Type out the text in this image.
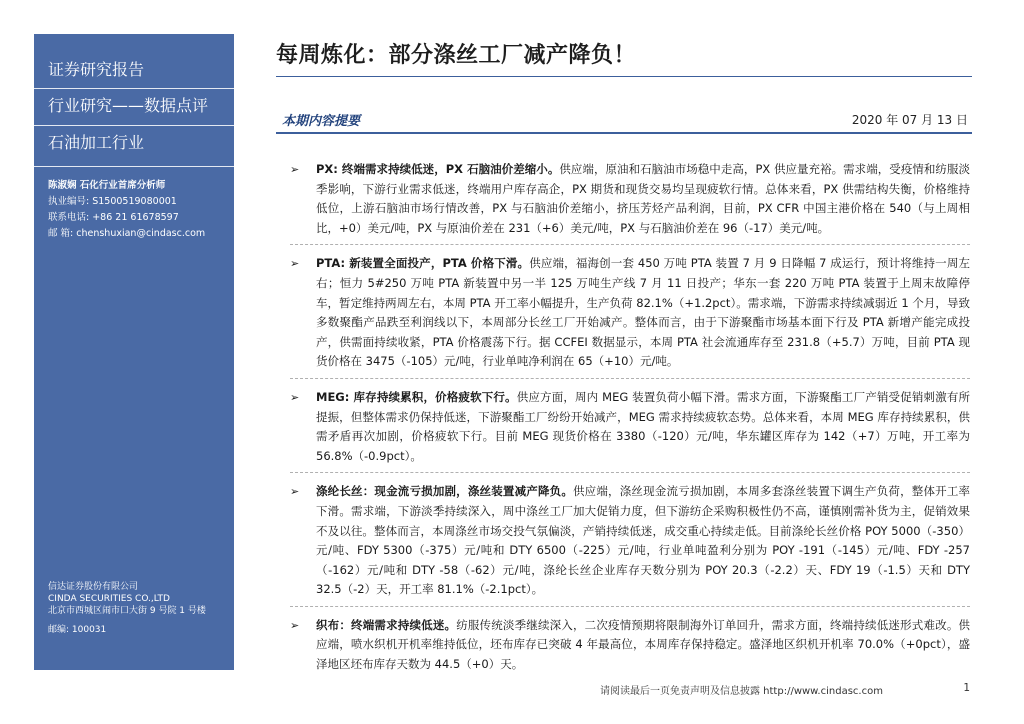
证券研究报告
行业研究——数据点评
石油加工行业
陈淑娴 石化行业首席分析师
执业编号: S1500519080001
联系电话: +86 21 61678597
邮 箱: chenshuxian@cindasc.com
信达证券股份有限公司
CINDA SECURITIES CO.,LTD
北京市西城区闹市口大街 9 号院 1 号楼
邮编: 100031
每周炼化：部分涤丝工厂减产降负！
本期内容提要	2020 年 07 月 13 日
➢ PX: 终端需求持续低迷，PX 石脑油价差缩小。供应端，原油和石脑油市场稳中走高，PX 供应量充裕。需求端，受疫情和纺服淡季影响，下游行业需求低迷，终端用户库存高企，PX 期货和现货交易均呈现疲软行情。总体来看，PX 供需结构失衡，价格维持低位，上游石脑油市场行情改善，PX 与石脑油价差缩小，挤压芳烃产品利润，目前，PX CFR 中国主港价格在 540（与上周相比，+0）美元/吨，PX 与原油价差在 231（+6）美元/吨，PX 与石脑油价差在 96（-17）美元/吨。
➢ PTA: 新装置全面投产，PTA 价格下滑。供应端，福海创一套 450 万吨 PTA 装置 7 月 9 日降幅 7 成运行，预计将维持一周左右；恒力 5#250 万吨 PTA 新装置中另一半 125 万吨生产线 7 月 11 日投产；华东一套 220 万吨 PTA 装置于上周末故障停车，暂定维持两周左右，本周 PTA 开工率小幅提升，生产负荷 82.1%（+1.2pct）。需求端，下游需求持续减弱近 1 个月，导致多数聚酯产品跌至利润线以下，本周部分长丝工厂开始减产。整体而言，由于下游聚酯市场基本面下行及 PTA 新增产能完成投产，供需面持续收紧，PTA 价格震荡下行。据 CCFEI 数据显示，本周 PTA 社会流通库存至 231.8（+5.7）万吨，目前 PTA 现货价格在 3475（-105）元/吨，行业单吨净利润在 65（+10）元/吨。
➢ MEG: 库存持续累积，价格疲软下行。供应方面，周内 MEG 装置负荷小幅下滑。需求方面，下游聚酯工厂产销受促销刺激有所提振，但整体需求仍保持低迷，下游聚酯工厂纷纷开始减产，MEG 需求持续疲软态势。总体来看，本周 MEG 库存持续累积，供需矛盾再次加剧，价格疲软下行。目前 MEG 现货价格在 3380（-120）元/吨，华东罐区库存为 142（+7）万吨，开工率为 56.8%（-0.9pct）。
➢ 涤纶长丝：现金流亏损加剧，涤丝装置减产降负。供应端，涤丝现金流亏损加剧，本周多套涤丝装置下调生产负荷，整体开工率下滑。需求端，下游淡季持续深入，周中涤丝工厂加大促销力度，但下游纺企采购积极性仍不高，谨慎刚需补货为主，促销效果不及以往。整体而言，本周涤丝市场交投气氛偏淡，产销持续低迷，成交重心持续走低。目前涤纶长丝价格 POY 5000（-350）元/吨、FDY 5300（-375）元/吨和 DTY 6500（-225）元/吨，行业单吨盈利分别为 POY -191（-145）元/吨、FDY -257（-162）元/吨和 DTY -58（-62）元/吨，涤纶长丝企业库存天数分别为 POY 20.3（-2.2）天、FDY 19（-1.5）天和 DTY 32.5（-2）天，开工率 81.1%（-2.1pct）。
➢ 织布：终端需求持续低迷。纺服传统淡季继续深入，二次疫情预期将限制海外订单回升，需求方面，终端持续低迷形式难改。供应端，喷水织机开机率维持低位，坯布库存已突破 4 年最高位，本周库存保持稳定。盛泽地区织机开机率 70.0%（+0pct），盛泽地区坯布库存天数为 44.5（+0）天。
请阅读最后一页免责声明及信息披露 http://www.cindasc.com	1
